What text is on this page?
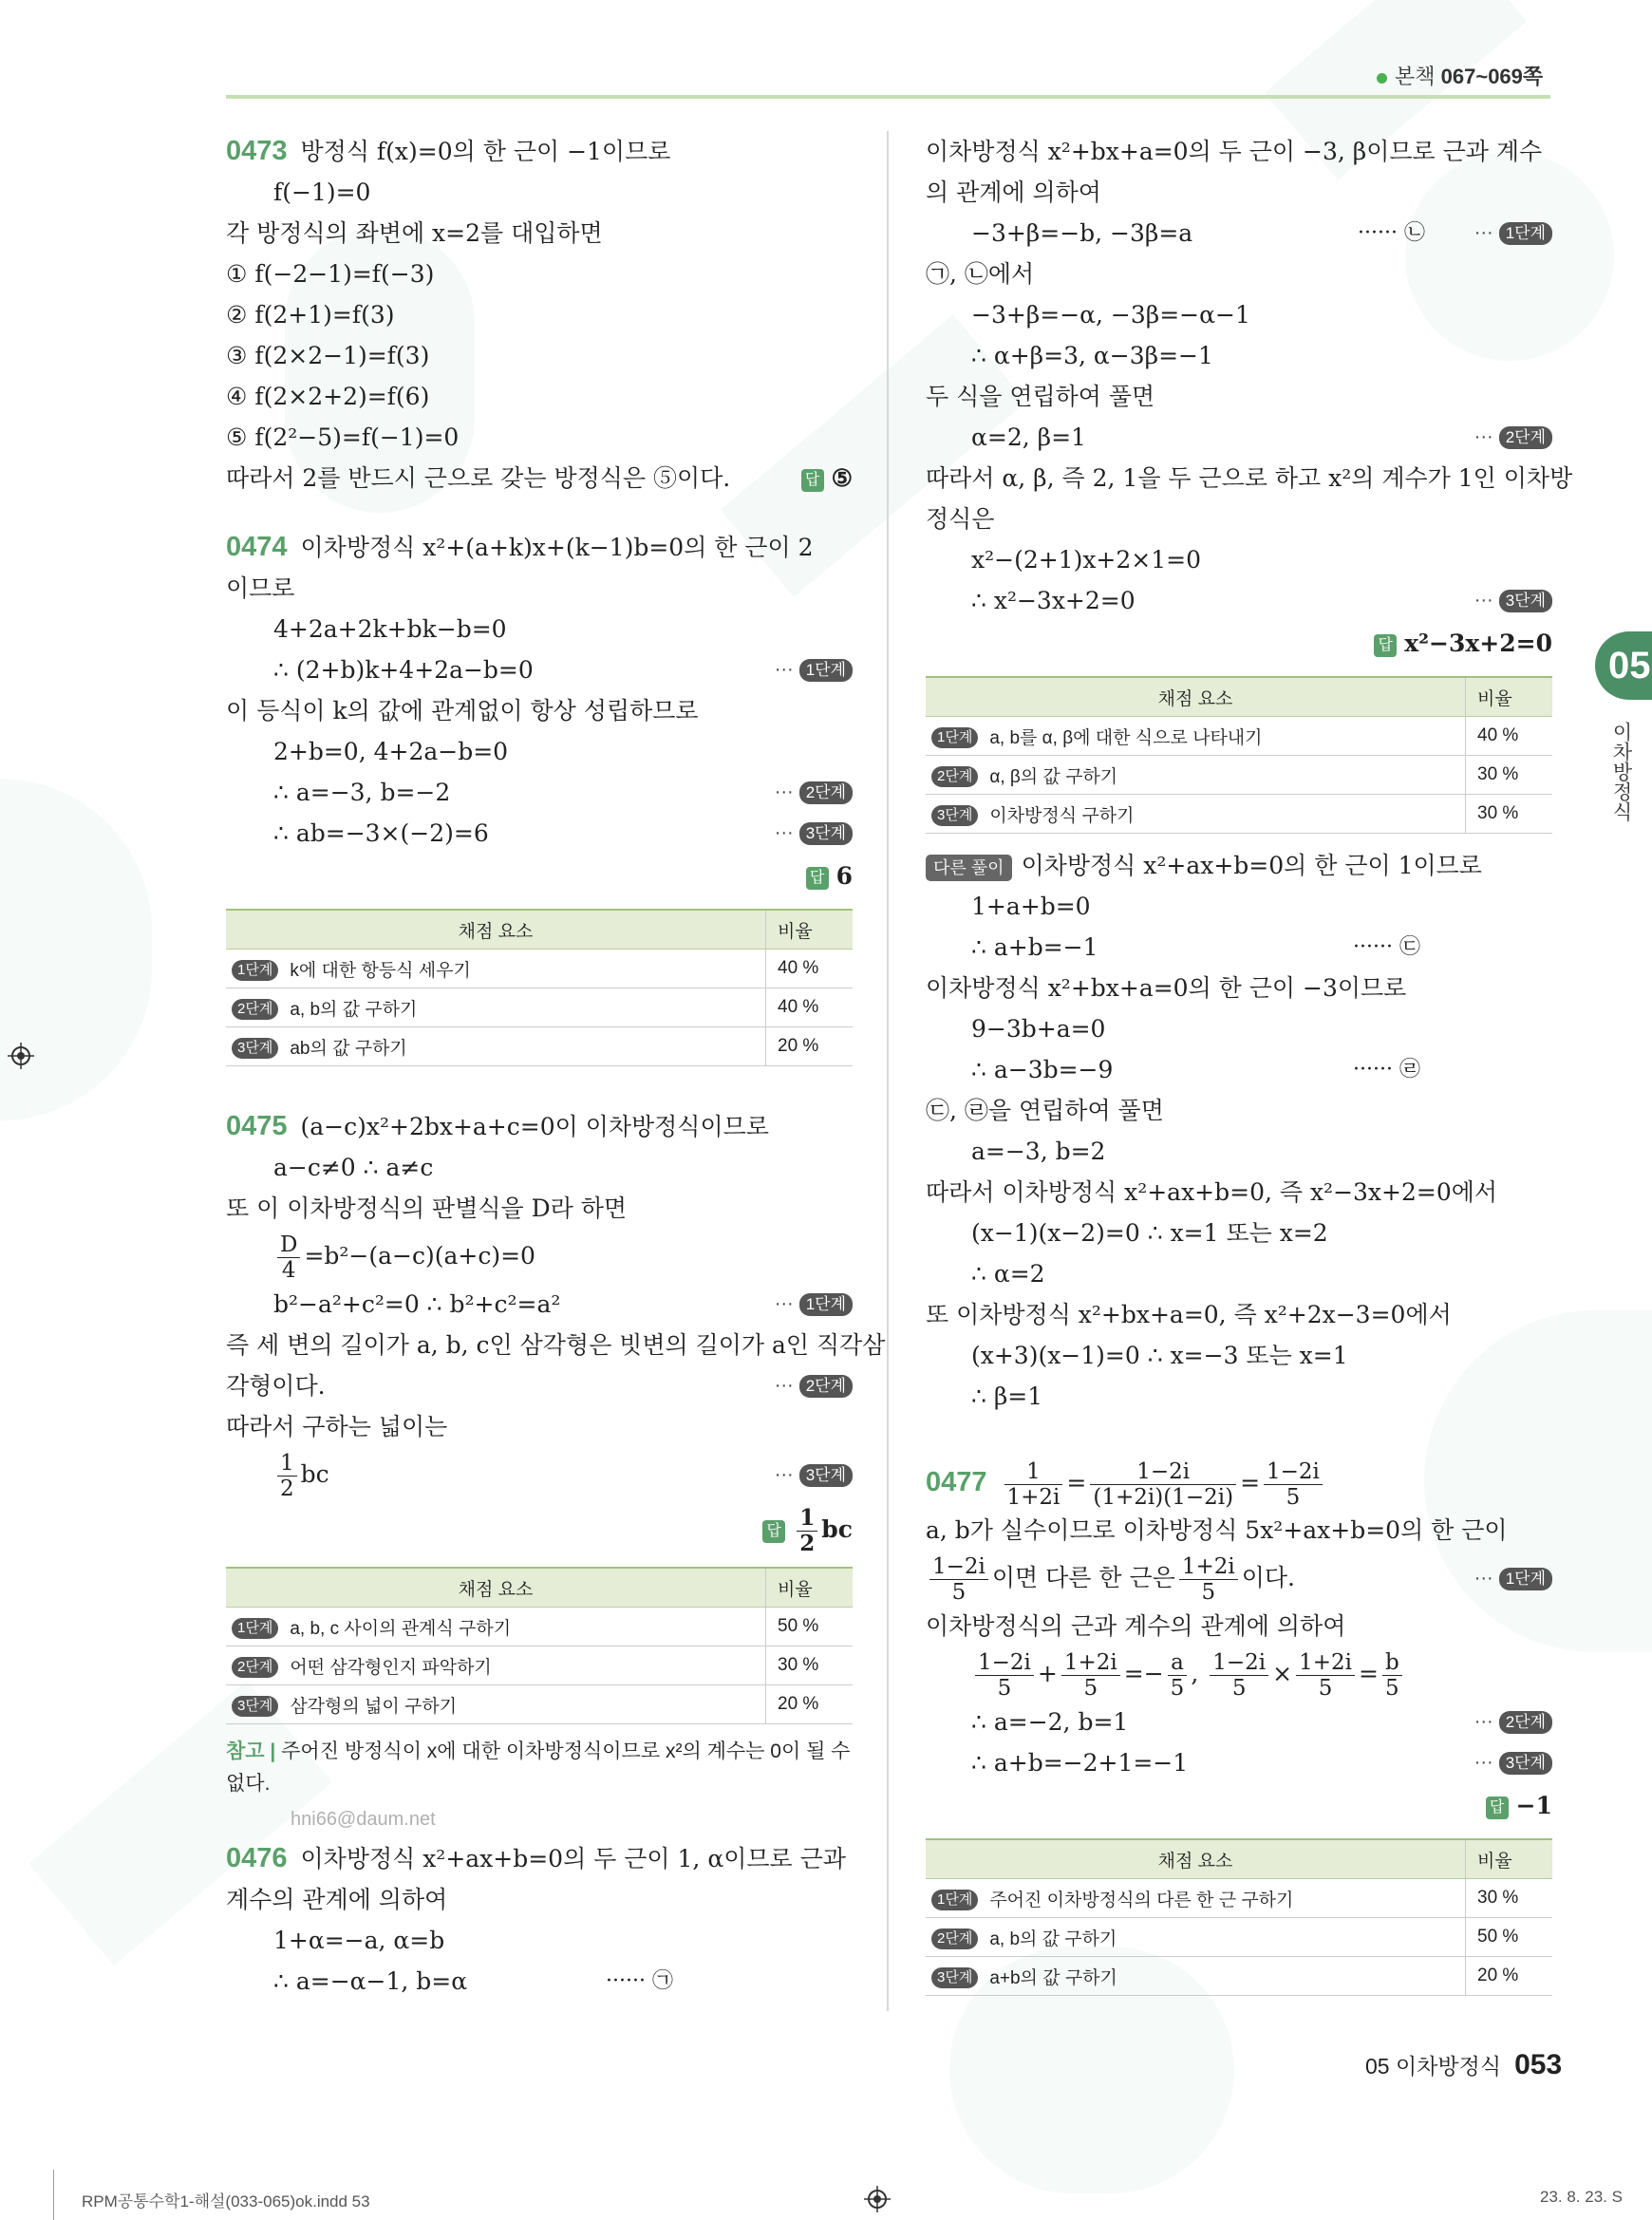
본책 067~069쪽
05
이차방정식
0473 방정식 f(x)=0의 한 근이 −1이므로
f(−1)=0
각 방정식의 좌변에 x=2를 대입하면
① f(−2−1)=f(−3)
② f(2+1)=f(3)
③ f(2×2−1)=f(3)
④ f(2×2+2)=f(6)
⑤ f(2²−5)=f(−1)=0
따라서 2를 반드시 근으로 갖는 방정식은 ⑤이다.	답 ⑤
0474 이차방정식 x²+(a+k)x+(k−1)b=0의 한 근이 2
이므로
4+2a+2k+bk−b=0
∴ (2+b)k+4+2a−b=0	··· 1단계
이 등식이 k의 값에 관계없이 항상 성립하므로
2+b=0, 4+2a−b=0
∴ a=−3, b=−2	··· 2단계
∴ ab=−3×(−2)=6	··· 3단계
답 6
채점 요소	비율
1단계 k에 대한 항등식 세우기	40 %
2단계 a, b의 값 구하기	40 %
3단계 ab의 값 구하기	20 %
0475 (a−c)x²+2bx+a+c=0이 이차방정식이므로
a−c≠0 ∴ a≠c
또 이 이차방정식의 판별식을 D라 하면
$\frac{D}{4} =b^2-(a-c)(a+c)=0$
b²−a²+c²=0 ∴ b²+c²=a²	··· 1단계
즉 세 변의 길이가 a, b, c인 삼각형은 빗변의 길이가 a인 직각삼
각형이다.	··· 2단계
따라서 구하는 넓이는
$\frac{1}{2}$ bc	··· 3단계
답 $\frac{1}{2}$ bc
채점 요소	비율
1단계 a, b, c 사이의 관계식 구하기	50 %
2단계 어떤 삼각형인지 파악하기	30 %
3단계 삼각형의 넓이 구하기	20 %
참고 | 주어진 방정식이 x에 대한 이차방정식이므로 x²의 계수는 0이 될 수
없다.
hni66@daum.net
0476 이차방정식 x²+ax+b=0의 두 근이 1, α이므로 근과
계수의 관계에 의하여
1+α=−a, α=b
∴ a=−α−1, b=α	······ ㉠
이차방정식 x²+bx+a=0의 두 근이 −3, β이므로 근과 계수
의 관계에 의하여
−3+β=−b, −3β=a	······ ㉡	··· 1단계
㉠, ㉡에서
−3+β=−α, −3β=−α−1
∴ α+β=3, α−3β=−1
두 식을 연립하여 풀면
α=2, β=1	··· 2단계
따라서 α, β, 즉 2, 1을 두 근으로 하고 x²의 계수가 1인 이차방
정식은
x²−(2+1)x+2×1=0
∴ x²−3x+2=0	··· 3단계
답 x²−3x+2=0
채점 요소	비율
1단계 a, b를 α, β에 대한 식으로 나타내기	40 %
2단계 α, β의 값 구하기	30 %
3단계 이차방정식 구하기	30 %
다른 풀이 이차방정식 x²+ax+b=0의 한 근이 1이므로
1+a+b=0
∴ a+b=−1	······ ㉢
이차방정식 x²+bx+a=0의 한 근이 −3이므로
9−3b+a=0
∴ a−3b=−9	······ ㉣
㉢, ㉣을 연립하여 풀면
a=−3, b=2
따라서 이차방정식 x²+ax+b=0, 즉 x²−3x+2=0에서
(x−1)(x−2)=0 ∴ x=1 또는 x=2
∴ α=2
또 이차방정식 x²+bx+a=0, 즉 x²+2x−3=0에서
(x+3)(x−1)=0 ∴ x=−3 또는 x=1
∴ β=1
$0477 \frac{1}{1+2i} = \frac{1-2i}{(1+2i)(1-2i)} = \frac{1-2i}{5}$
a, b가 실수이므로 이차방정식 5x²+ax+b=0의 한 근이
$\frac{1-2i}{5}$ 이면 다른 한 근은 $\frac{1+2i}{5}$ 이다.	··· 1단계
이차방정식의 근과 계수의 관계에 의하여
$\frac{1-2i}{5} + \frac{1+2i}{5} =- \frac{a}{5}$ , $\frac{1-2i}{5} \times \frac{1+2i}{5} = \frac{b}{5}$
∴ a=−2, b=1	··· 2단계
∴ a+b=−2+1=−1	··· 3단계
답 −1
채점 요소	비율
1단계 주어진 이차방정식의 다른 한 근 구하기	30 %
2단계 a, b의 값 구하기	50 %
3단계 a+b의 값 구하기	20 %
05 이차방정식 053
RPM공통수학1-해설(033-065)ok.indd 53	23. 8. 23. S
